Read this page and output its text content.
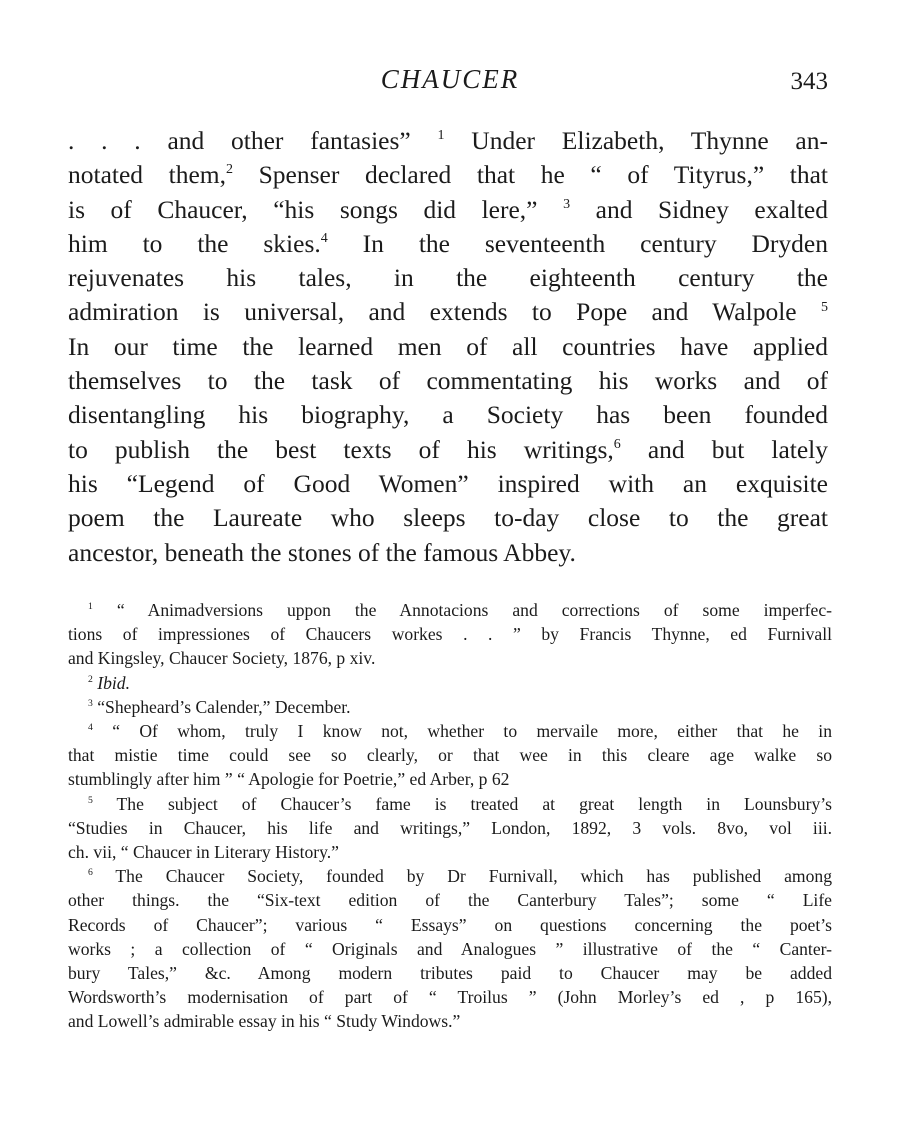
CHAUCER	343
. . . and other fantasies” $^1$ Under Elizabeth, Thynne an-
notated them,$^2$ Spenser declared that he “ of Tityrus,” that
is of Chaucer, “his songs did lere,” $^3$ and Sidney exalted
him to the skies.$^4$ In the seventeenth century Dryden
rejuvenates his tales, in the eighteenth century the
admiration is universal, and extends to Pope and Walpole $^5$
In our time the learned men of all countries have applied
themselves to the task of commentating his works and of
disentangling his biography, a Society has been founded
to publish the best texts of his writings,$^6$ and but lately
his “Legend of Good Women” inspired with an exquisite
poem the Laureate who sleeps to-day close to the great
ancestor, beneath the stones of the famous Abbey.
$^1$ “ Animadversions uppon the Annotacions and corrections of some imperfec-
tions of impressiones of Chaucers workes . . ” by Francis Thynne, ed Furnivall
and Kingsley, Chaucer Society, 1876, p xiv.
$^2$ Ibid.
$^3$ “Shepheard’s Calender,” December.
$^4$ “ Of whom, truly I know not, whether to mervaile more, either that he in
that mistie time could see so clearly, or that wee in this cleare age walke so
stumblingly after him ” “ Apologie for Poetrie,” ed Arber, p 62
$^5$ The subject of Chaucer’s fame is treated at great length in Lounsbury’s
“Studies in Chaucer, his life and writings,” London, 1892, 3 vols. 8vo, vol iii.
ch. vii, “ Chaucer in Literary History.”
$^6$ The Chaucer Society, founded by Dr Furnivall, which has published among
other things. the “Six-text edition of the Canterbury Tales”; some “ Life
Records of Chaucer”; various “ Essays” on questions concerning the poet’s
works ; a collection of “ Originals and Analogues ” illustrative of the “ Canter-
bury Tales,” &c. Among modern tributes paid to Chaucer may be added
Wordsworth’s modernisation of part of “ Troilus ” (John Morley’s ed , p 165),
and Lowell’s admirable essay in his “ Study Windows.”
